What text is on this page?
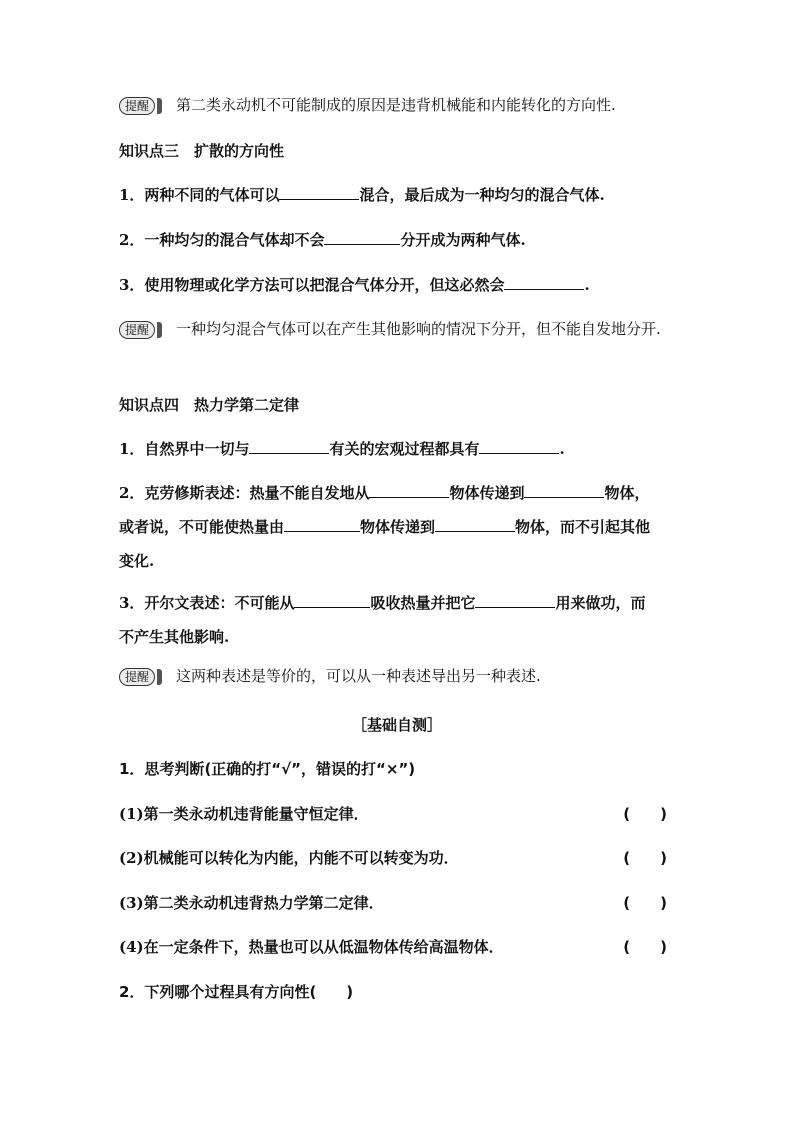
提醒 第二类永动机不可能制成的原因是违背机械能和内能转化的方向性.
知识点三　扩散的方向性
1．两种不同的气体可以	混合，最后成为一种均匀的混合气体.
2．一种均匀的混合气体却不会	分开成为两种气体.
3．使用物理或化学方法可以把混合气体分开，但这必然会	.
提醒 一种均匀混合气体可以在产生其他影响的情况下分开，但不能自发地分开.
知识点四　热力学第二定律
1．自然界中一切与	有关的宏观过程都具有	.
2．克劳修斯表述：热量不能自发地从	物体传递到	物体，
或者说，不可能使热量由	物体传递到	物体，而不引起其他
变化.
3．开尔文表述：不可能从	吸收热量并把它	用来做功，而
不产生其他影响.
提醒 这两种表述是等价的，可以从一种表述导出另一种表述.
［基础自测］
1．思考判断(正确的打“√”，错误的打“×”)
(1)第一类永动机违背能量守恒定律．	(　　)
(2)机械能可以转化为内能，内能不可以转变为功．	(　　)
(3)第二类永动机违背热力学第二定律．	(　　)
(4)在一定条件下，热量也可以从低温物体传给高温物体．	(　　)
2．下列哪个过程具有方向性(　　)
